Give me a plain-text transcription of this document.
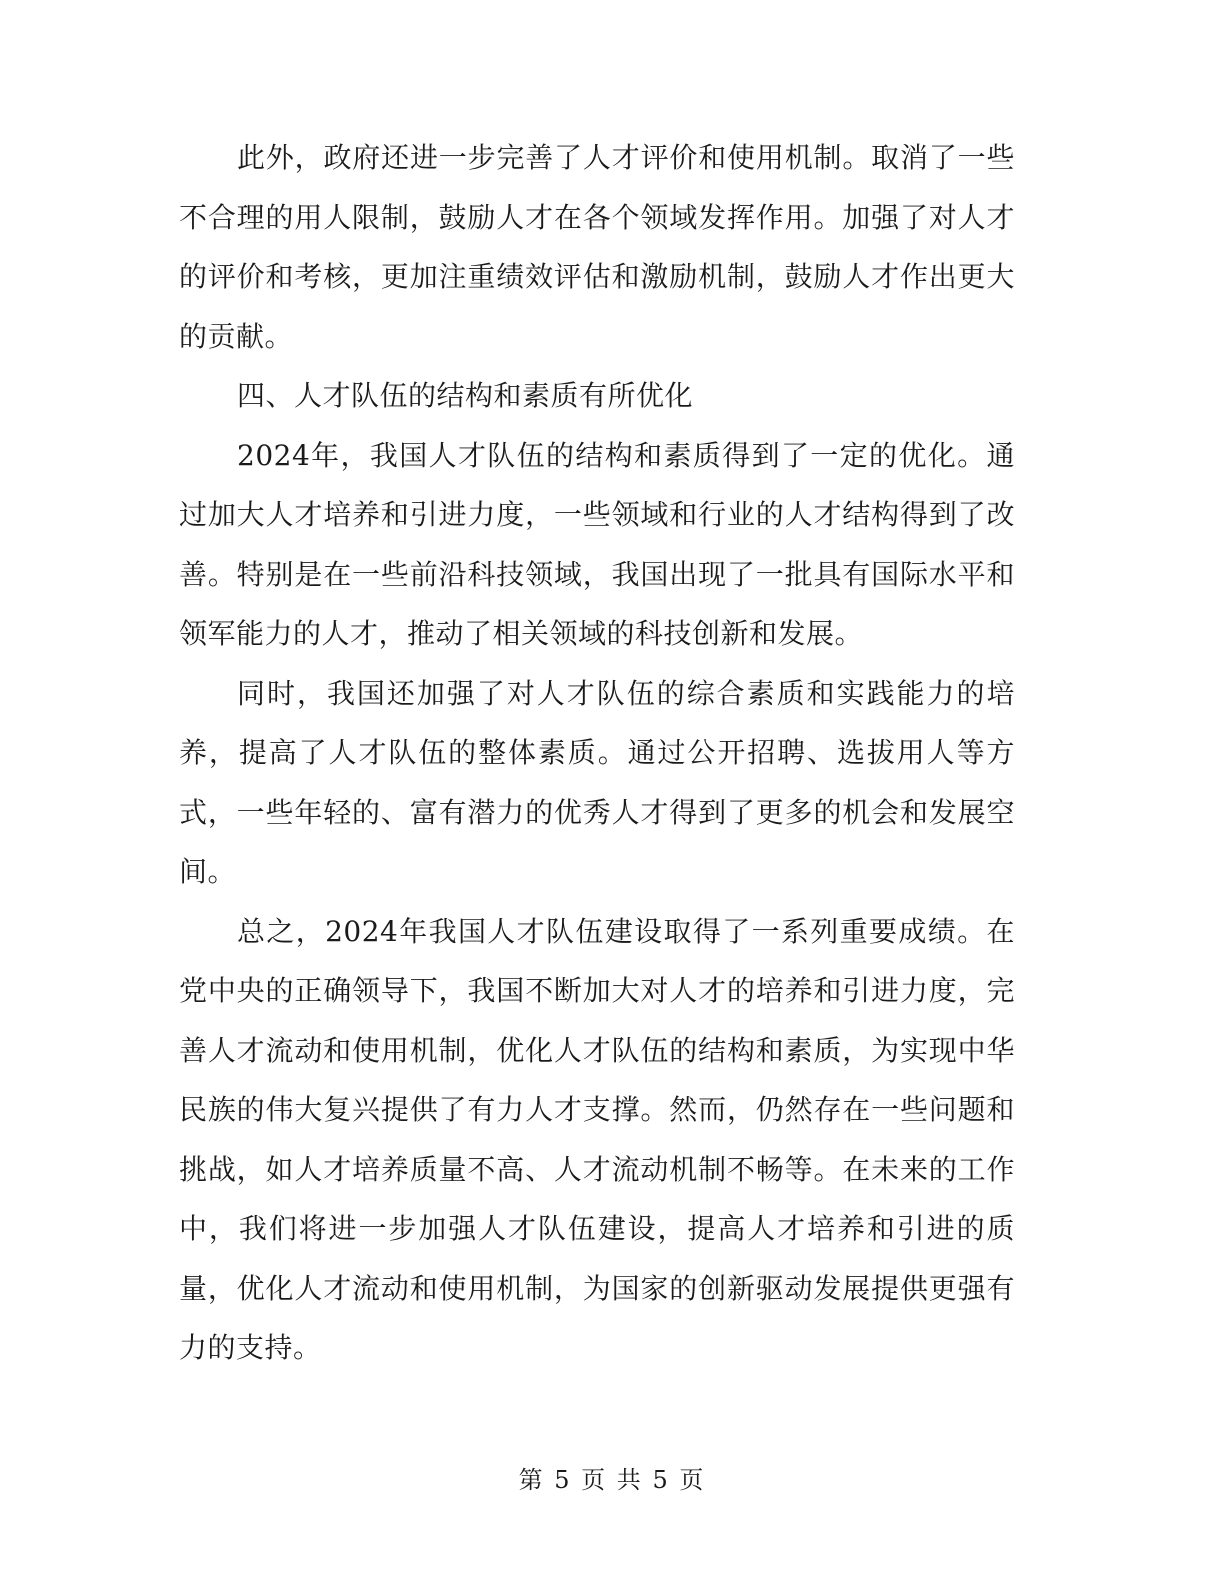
此外，政府还进一步完善了人才评价和使用机制。取消了一些不合理的用人限制，鼓励人才在各个领域发挥作用。加强了对人才的评价和考核，更加注重绩效评估和激励机制，鼓励人才作出更大的贡献。

四、人才队伍的结构和素质有所优化

2024年，我国人才队伍的结构和素质得到了一定的优化。通过加大人才培养和引进力度，一些领域和行业的人才结构得到了改善。特别是在一些前沿科技领域，我国出现了一批具有国际水平和领军能力的人才，推动了相关领域的科技创新和发展。

同时，我国还加强了对人才队伍的综合素质和实践能力的培养，提高了人才队伍的整体素质。通过公开招聘、选拔用人等方式，一些年轻的、富有潜力的优秀人才得到了更多的机会和发展空间。

总之，2024年我国人才队伍建设取得了一系列重要成绩。在党中央的正确领导下，我国不断加大对人才的培养和引进力度，完善人才流动和使用机制，优化人才队伍的结构和素质，为实现中华民族的伟大复兴提供了有力人才支撑。然而，仍然存在一些问题和挑战，如人才培养质量不高、人才流动机制不畅等。在未来的工作中，我们将进一步加强人才队伍建设，提高人才培养和引进的质量，优化人才流动和使用机制，为国家的创新驱动发展提供更强有力的支持。

第 5 页 共 5 页
